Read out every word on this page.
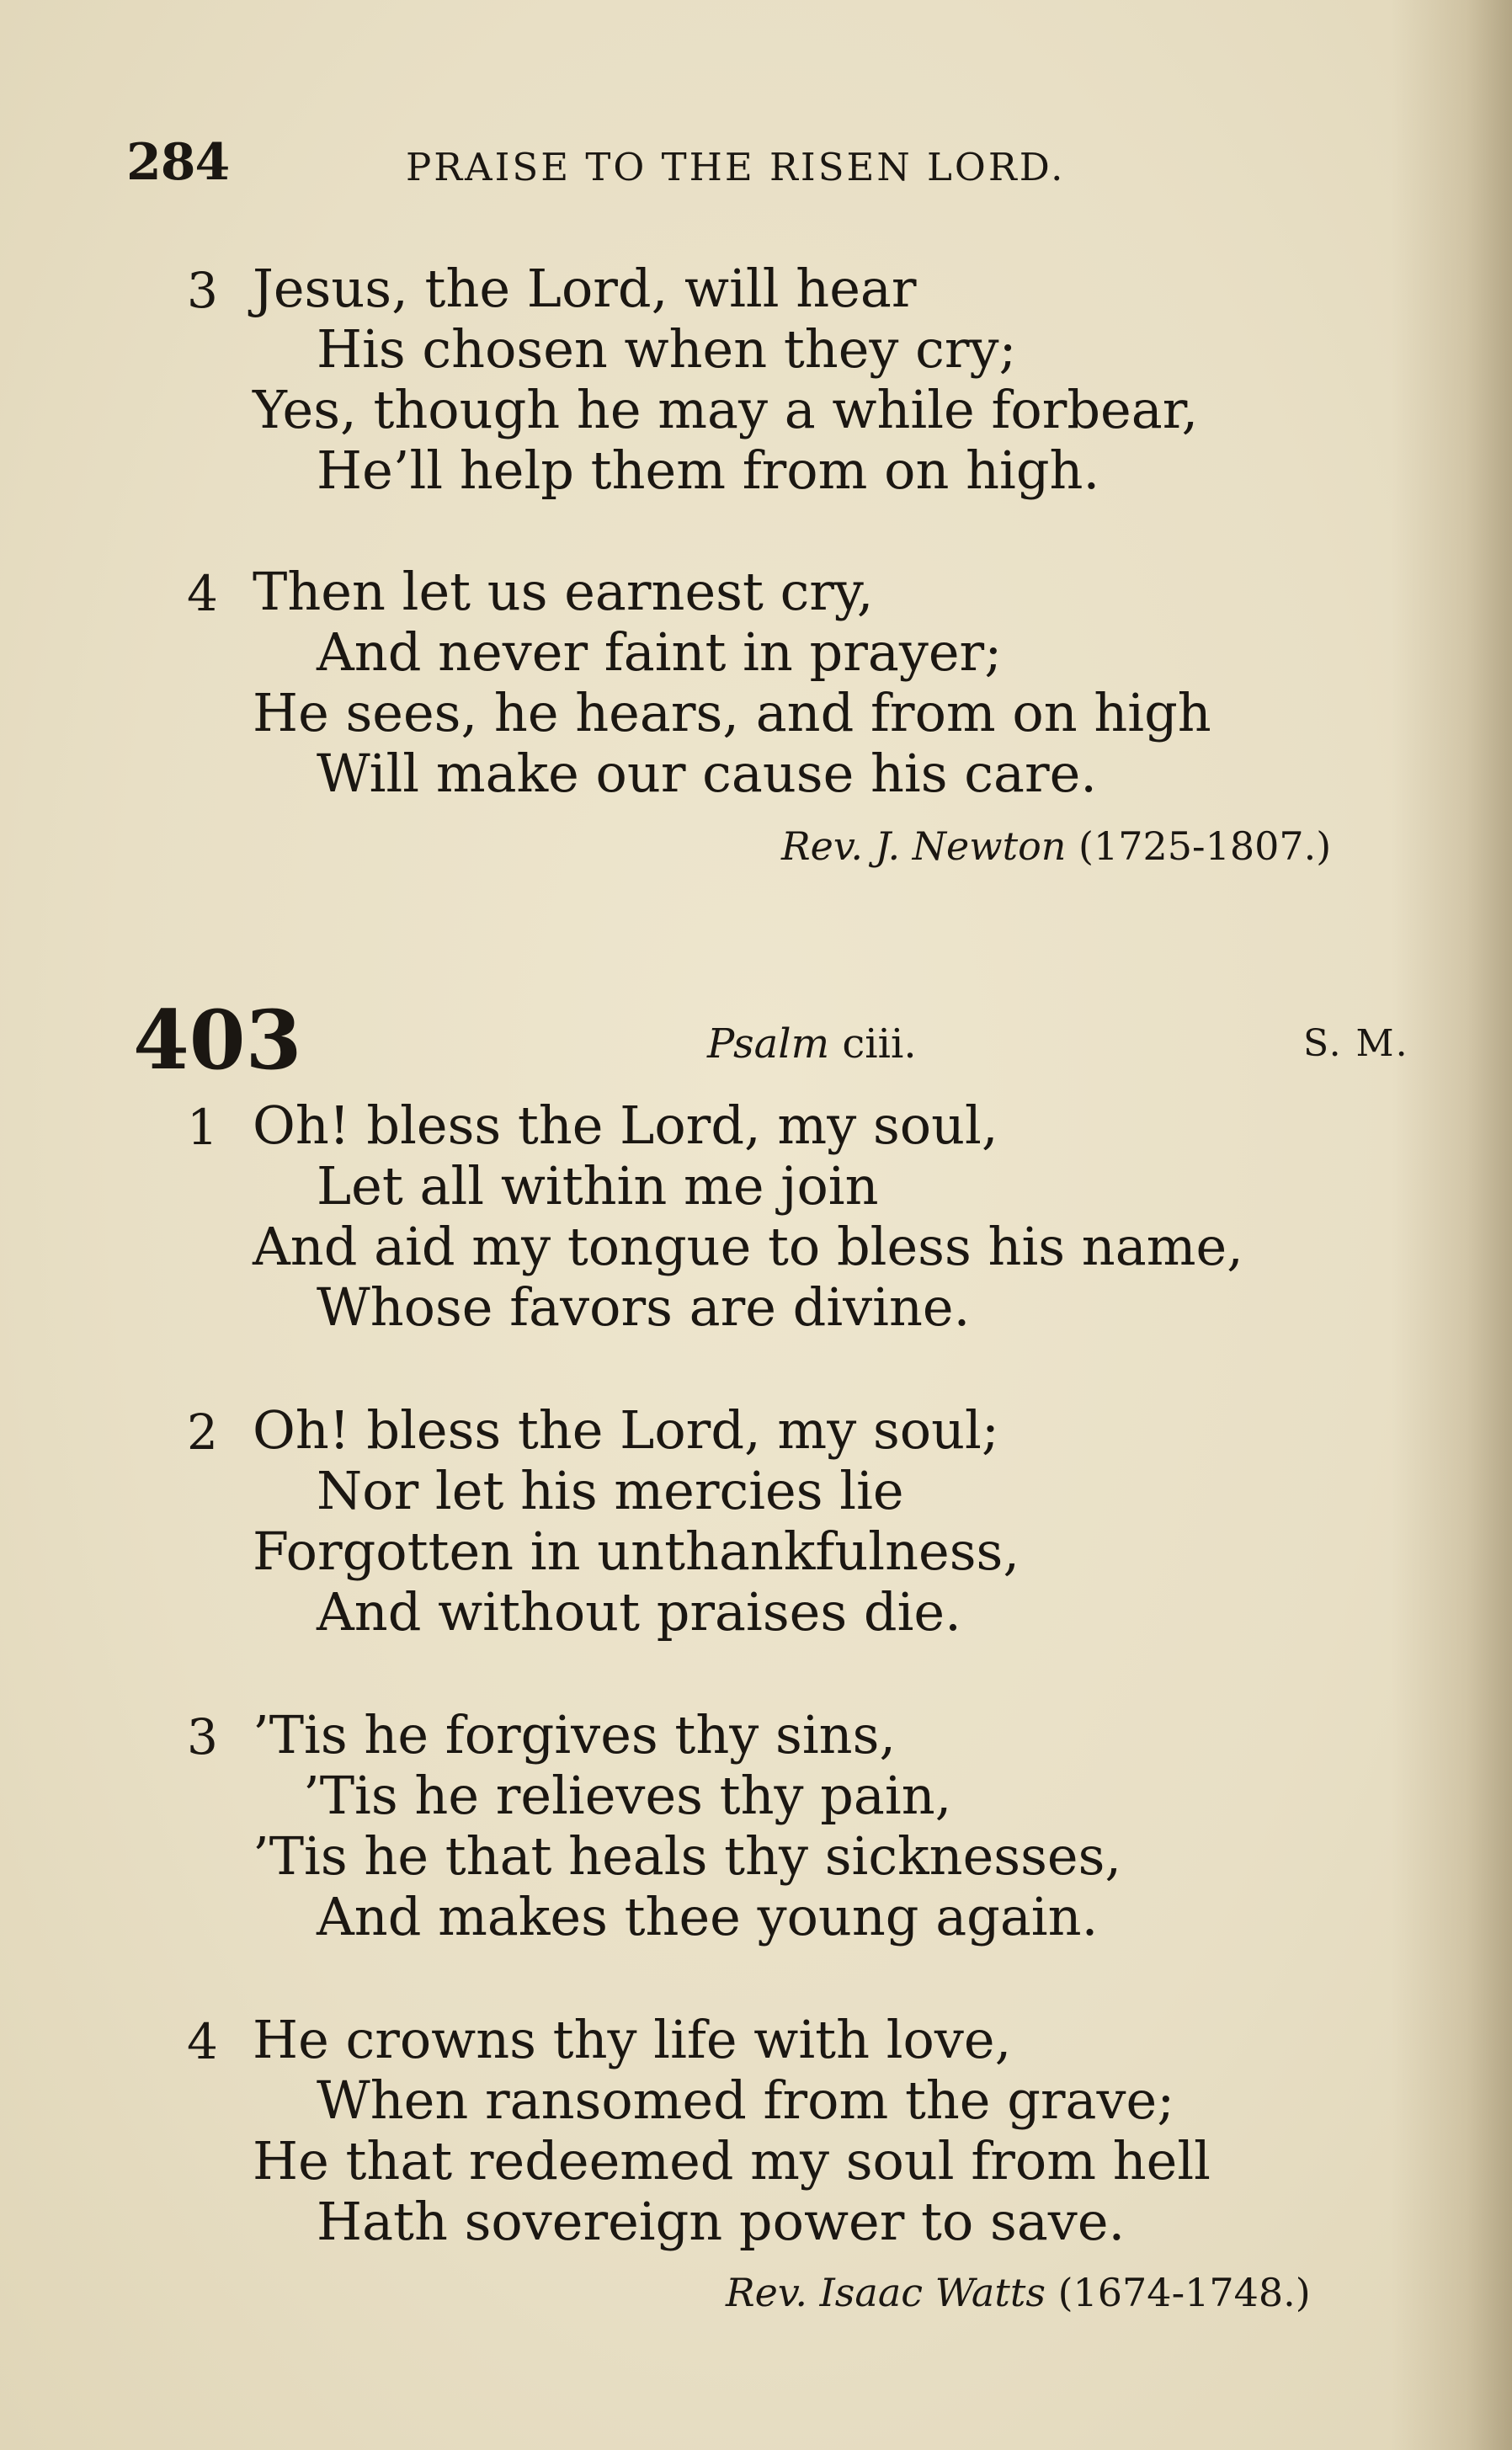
284	PRAISE TO THE RISEN LORD.
3 Jesus, the Lord, will hear
His chosen when they cry;
Yes, though he may a while forbear,
He’ll help them from on high.
4 Then let us earnest cry,
And never faint in prayer;
He sees, he hears, and from on high
Will make our cause his care.
Rev. J. Newton (1725-1807.)
403	Psalm ciii.	S. M.
1 Oh! bless the Lord, my soul,
Let all within me join
And aid my tongue to bless his name,
Whose favors are divine.
2 Oh! bless the Lord, my soul;
Nor let his mercies lie
Forgotten in unthankfulness,
And without praises die.
3 ’Tis he forgives thy sins,
’Tis he relieves thy pain,
’Tis he that heals thy sicknesses,
And makes thee young again.
4 He crowns thy life with love,
When ransomed from the grave;
He that redeemed my soul from hell
Hath sovereign power to save.
Rev. Isaac Watts (1674-1748.)
